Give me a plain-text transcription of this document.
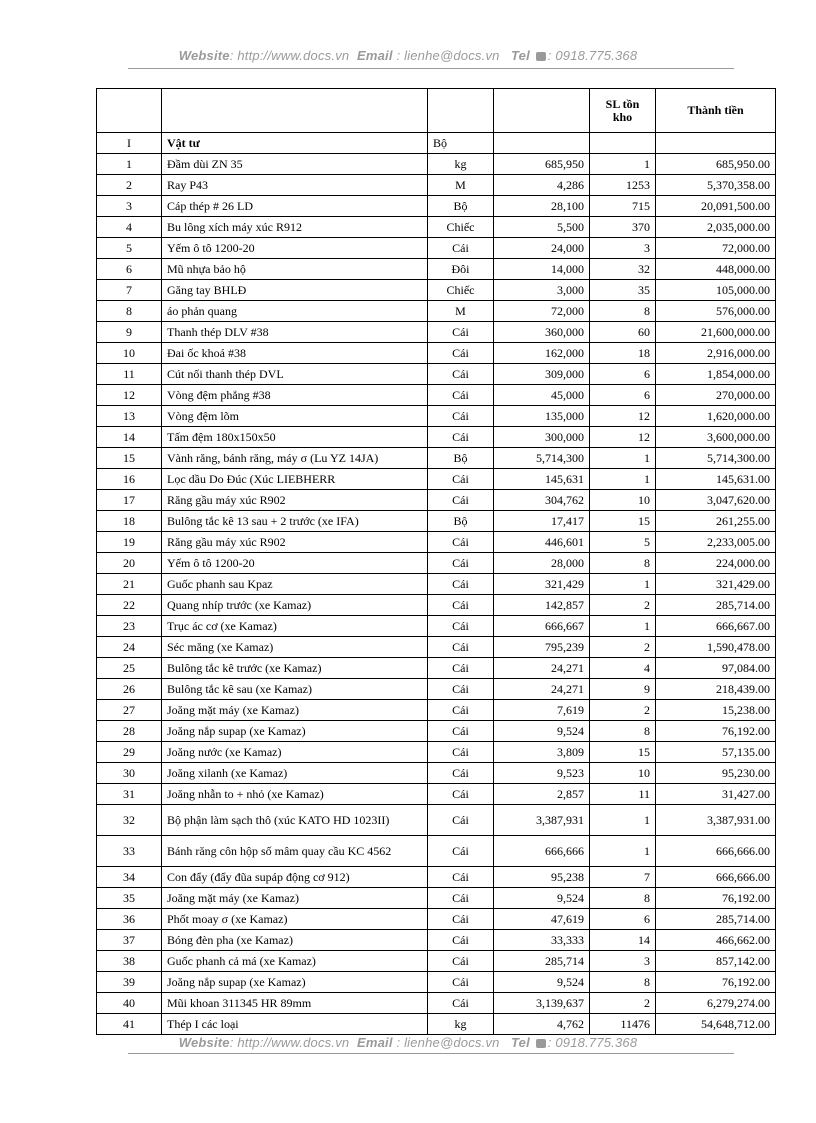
Website: http://www.docs.vn Email : lienhe@docs.vn Tel : 0918.775.368
				SL tồn kho	Thành tiền
I	Vật tư	Bộ			
1	Đầm dùi ZN 35	kg	685,950	1	685,950.00
2	Ray P43	M	4,286	1253	5,370,358.00
3	Cáp thép # 26 LD	Bộ	28,100	715	20,091,500.00
4	Bu lông xích máy xúc R912	Chiếc	5,500	370	2,035,000.00
5	Yếm ô tô 1200-20	Cái	24,000	3	72,000.00
6	Mũ nhựa bảo hộ	Đôi	14,000	32	448,000.00
7	Găng tay BHLĐ	Chiếc	3,000	35	105,000.00
8	áo phản quang	M	72,000	8	576,000.00
9	Thanh thép DLV #38	Cái	360,000	60	21,600,000.00
10	Đai ốc khoá #38	Cái	162,000	18	2,916,000.00
11	Cút nối thanh thép DVL	Cái	309,000	6	1,854,000.00
12	Vòng đệm phẳng #38	Cái	45,000	6	270,000.00
13	Vòng đệm lõm	Cái	135,000	12	1,620,000.00
14	Tấm đệm 180x150x50	Cái	300,000	12	3,600,000.00
15	Vành răng, bánh răng, máy σ (Lu YZ 14JA)	Bộ	5,714,300	1	5,714,300.00
16	Lọc dầu Do Đúc (Xúc LIEBHERR	Cái	145,631	1	145,631.00
17	Răng gầu máy xúc R902	Cái	304,762	10	3,047,620.00
18	Bulông tắc kê 13 sau + 2 trước (xe IFA)	Bộ	17,417	15	261,255.00
19	Răng gầu máy xúc R902	Cái	446,601	5	2,233,005.00
20	Yếm ô tô 1200-20	Cái	28,000	8	224,000.00
21	Guốc phanh sau Kpaz	Cái	321,429	1	321,429.00
22	Quang nhíp trước (xe Kamaz)	Cái	142,857	2	285,714.00
23	Trục ác cơ (xe Kamaz)	Cái	666,667	1	666,667.00
24	Séc măng (xe Kamaz)	Cái	795,239	2	1,590,478.00
25	Bulông tắc kê trước (xe Kamaz)	Cái	24,271	4	97,084.00
26	Bulông tắc kê sau (xe Kamaz)	Cái	24,271	9	218,439.00
27	Joăng mặt máy (xe Kamaz)	Cái	7,619	2	15,238.00
28	Joăng nắp supap (xe Kamaz)	Cái	9,524	8	76,192.00
29	Joăng nước (xe Kamaz)	Cái	3,809	15	57,135.00
30	Joăng xilanh (xe Kamaz)	Cái	9,523	10	95,230.00
31	Joăng nhẫn to + nhỏ (xe Kamaz)	Cái	2,857	11	31,427.00
32	Bộ phận làm sạch thô (xúc KATO HD 1023II)	Cái	3,387,931	1	3,387,931.00
33	Bánh răng côn hộp số mâm quay cầu KC 4562	Cái	666,666	1	666,666.00
34	Con đẩy (đẩy đũa supáp động cơ 912)	Cái	95,238	7	666,666.00
35	Joăng mặt máy (xe Kamaz)	Cái	9,524	8	76,192.00
36	Phốt moay σ (xe Kamaz)	Cái	47,619	6	285,714.00
37	Bóng đèn pha (xe Kamaz)	Cái	33,333	14	466,662.00
38	Guốc phanh cả má (xe Kamaz)	Cái	285,714	3	857,142.00
39	Joăng nắp supap (xe Kamaz)	Cái	9,524	8	76,192.00
40	Mũi khoan 311345 HR 89mm	Cái	3,139,637	2	6,279,274.00
41	Thép I các loại	kg	4,762	11476	54,648,712.00
Website: http://www.docs.vn Email : lienhe@docs.vn Tel : 0918.775.368
